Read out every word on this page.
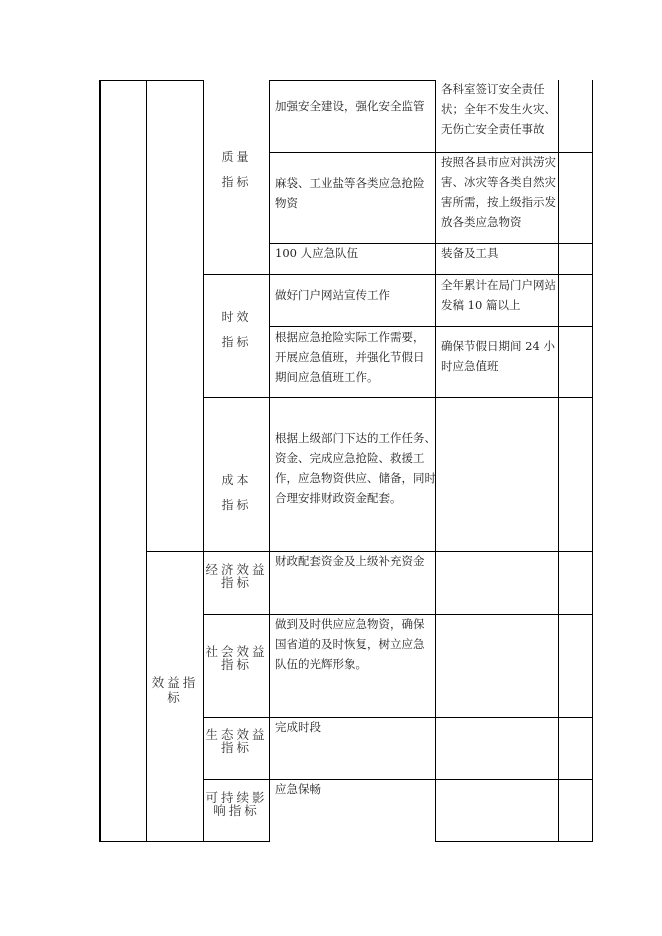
质量
指标
加强安全建设，强化安全监管
各科室签订安全责任状；全年不发生火灾、无伤亡安全责任事故
麻袋、工业盐等各类应急抢险物资
按照各县市应对洪涝灾害、冰灾等各类自然灾害所需，按上级指示发放各类应急物资
100 人应急队伍	装备及工具
时效
指标
做好门户网站宣传工作
全年累计在局门户网站发稿 10 篇以上
根据应急抢险实际工作需要，开展应急值班，并强化节假日期间应急值班工作。
确保节假日期间 24 小时应急值班
成本
指标
根据上级部门下达的工作任务、资金、完成应急抢险、救援工作，应急物资供应、储备，同时合理安排财政资金配套。
效益指标
经济效益
指标
财政配套资金及上级补充资金
社会效益
指标
做到及时供应应急物资，确保国省道的及时恢复，树立应急队伍的光辉形象。
生态效益
指标
完成时段
可持续影
响指标
应急保畅
